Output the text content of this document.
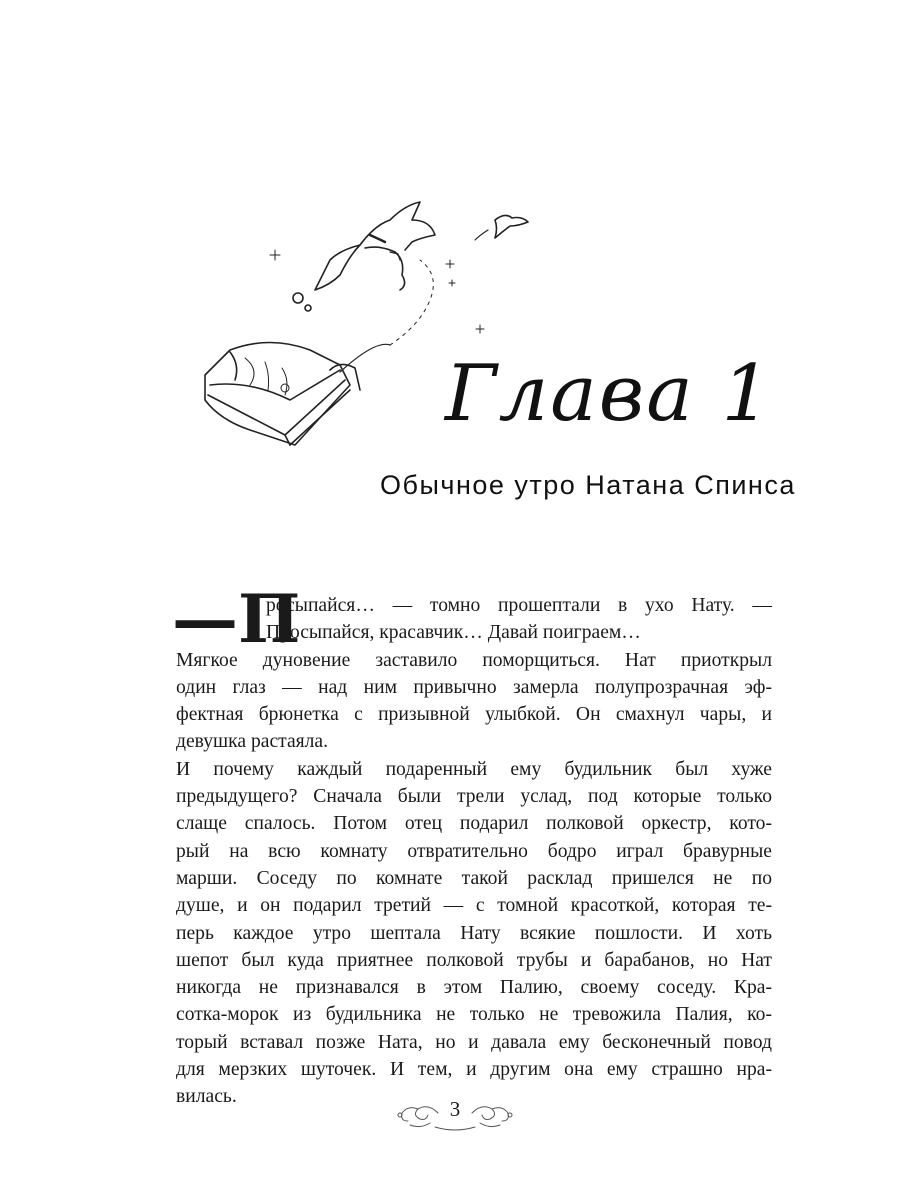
Глава 1
Обычное утро Натана Спинса
—П
росыпайся… — томно прошептали в ухо Нату. —
Просыпайся, красавчик… Давай поиграем…
Мягкое дуновение заставило поморщиться. Нат приоткрыл
один глаз — над ним привычно замерла полупрозрачная эф-
фектная брюнетка с призывной улыбкой. Он смахнул чары, и
девушка растаяла.
И почему каждый подаренный ему будильник был хуже
предыдущего? Сначала были трели услад, под которые только
слаще спалось. Потом отец подарил полковой оркестр, кото-
рый на всю комнату отвратительно бодро играл бравурные
марши. Соседу по комнате такой расклад пришелся не по
душе, и он подарил третий — с томной красоткой, которая те-
перь каждое утро шептала Нату всякие пошлости. И хоть
шепот был куда приятнее полковой трубы и барабанов, но Нат
никогда не признавался в этом Палию, своему соседу. Кра-
сотка-морок из будильника не только не тревожила Палия, ко-
торый вставал позже Ната, но и давала ему бесконечный повод
для мерзких шуточек. И тем, и другим она ему страшно нра-
вилась.
3
